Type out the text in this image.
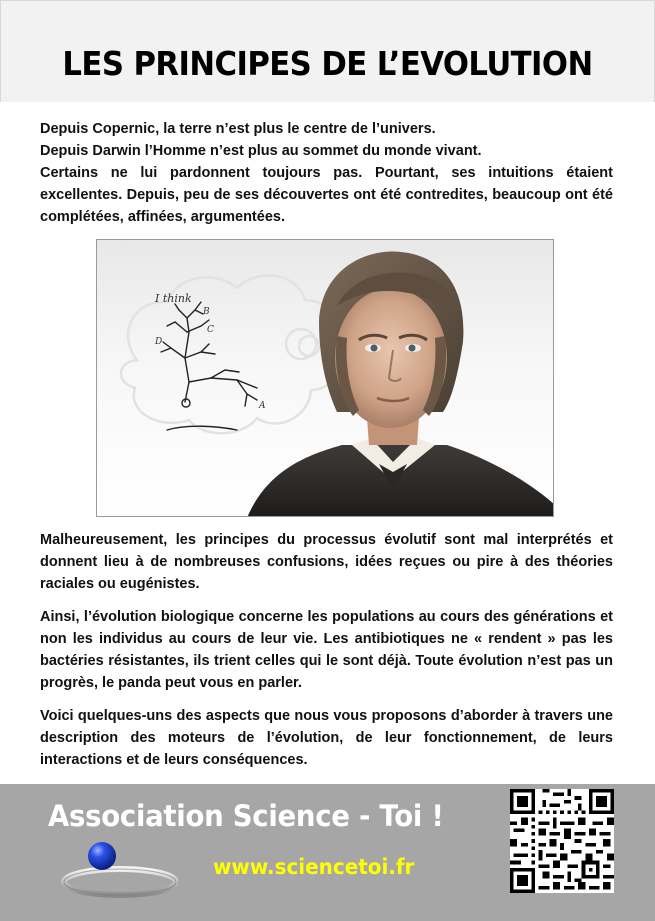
LES PRINCIPES DE L’EVOLUTION

Depuis Copernic, la terre n’est plus le centre de l’univers.

Depuis Darwin l’Homme n’est plus au sommet du monde vivant.

Certains ne lui pardonnent toujours pas. Pourtant, ses intuitions étaient excellentes. Depuis, peu de ses découvertes ont été contredites, beaucoup ont été complétées, affinées, argumentées.

I think
D
C
A
B

Malheureusement, les principes du processus évolutif sont mal interprétés et donnent lieu à de nombreuses confusions, idées reçues ou pire à des théories raciales ou eugénistes.

Ainsi, l’évolution biologique concerne les populations au cours des générations et non les individus au cours de leur vie. Les antibiotiques ne « rendent » pas les bactéries résistantes, ils trient celles qui le sont déjà. Toute évolution n’est pas un progrès, le panda peut vous en parler.

Voici quelques-uns des aspects que nous vous proposons d’aborder à travers une description des moteurs de l’évolution, de leur fonctionnement, de leurs interactions et de leurs conséquences.

Association Science - Toi !
www.sciencetoi.fr
